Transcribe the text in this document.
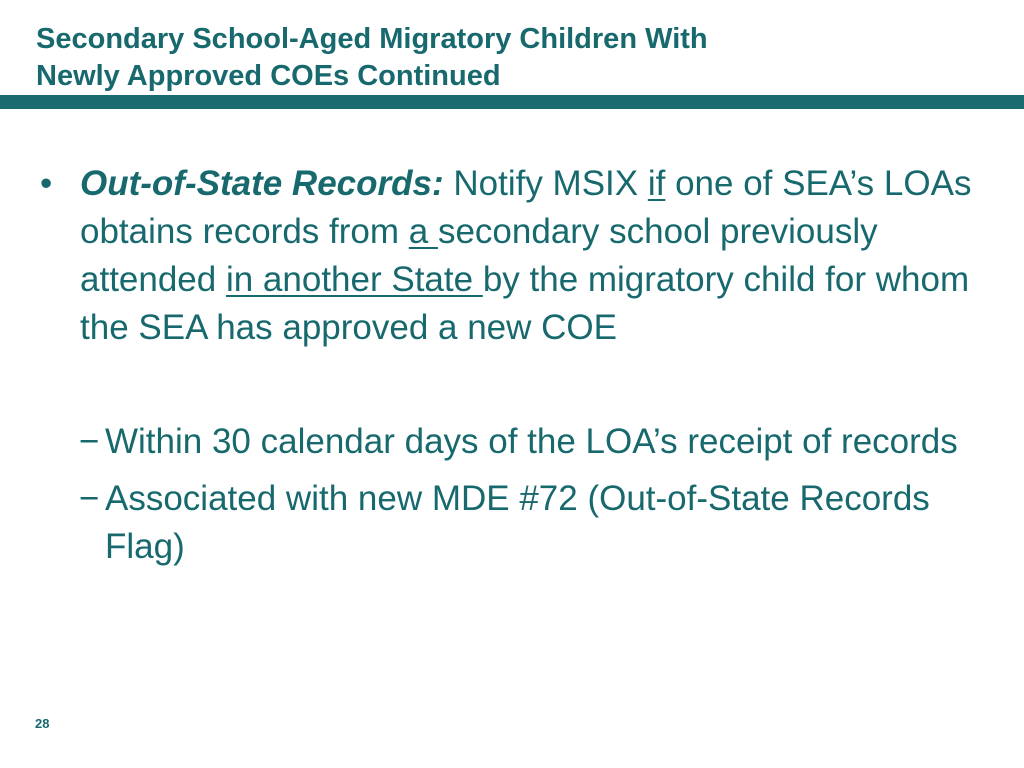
Secondary School-Aged Migratory Children With
Newly Approved COEs Continued
• Out-of-State Records: Notify MSIX if one of SEA’s LOAs obtains records from a secondary school previously attended in another State by the migratory child for whom the SEA has approved a new COE
− Within 30 calendar days of the LOA’s receipt of records
− Associated with new MDE #72 (Out-of-State Records Flag)
28
